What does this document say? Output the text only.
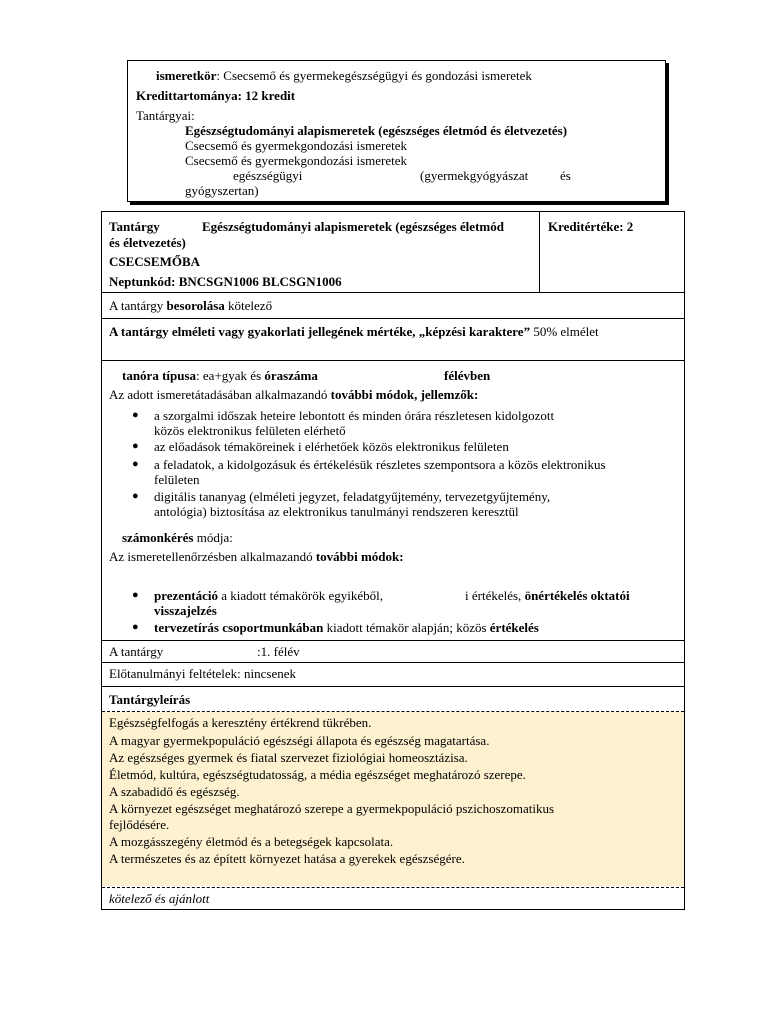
ismeretkör: Csecsemő és gyermekegészségügyi és gondozási ismeretek
Kredittartománya: 12 kredit
Tantárgyai:
Egészségtudományi alapismeretek (egészséges életmód és életvezetés)
Csecsemő és gyermekgondozási ismeretek
Csecsemő és gyermekgondozási ismeretek
egészségügyi	(gyermekgyógyászat és
gyógyszertan)
Tantárgy	Egészségtudományi alapismeretek (egészséges életmód
és életvezetés)
CSECSEMŐBA
Neptunkód: BNCSGN1006 BLCSGN1006
Kreditértéke: 2
A tantárgy besorolása kötelező
A tantárgy elméleti vagy gyakorlati jellegének mértéke, „képzési karaktere” 50% elmélet
tanóra típusa: ea+gyak és óraszáma	félévben
Az adott ismeretátadásában alkalmazandó további módok, jellemzők:
● a szorgalmi időszak heteire lebontott és minden órára részletesen kidolgozott
közös elektronikus felületen elérhető
● az előadások témaköreinek i elérhetőek közös elektronikus felületen
● a feladatok, a kidolgozásuk és értékelésük részletes szempontsora a közös elektronikus
felületen
● digitális tananyag (elméleti jegyzet, feladatgyűjtemény, tervezetgyűjtemény,
antológia) biztosítása az elektronikus tanulmányi rendszeren keresztül
számonkérés módja:
Az ismeretellenőrzésben alkalmazandó további módok:
● prezentáció a kiadott témakörök egyikéből,	i értékelés, önértékelés oktatói
visszajelzés
● tervezetírás csoportmunkában kiadott témakör alapján; közös értékelés
A tantárgy	:1. félév
Előtanulmányi feltételek: nincsenek
Tantárgyleírás
Egészségfelfogás a keresztény értékrend tükrében.
A magyar gyermekpopuláció egészségi állapota és egészség magatartása.
Az egészséges gyermek és fiatal szervezet fiziológiai homeosztázisa.
Életmód, kultúra, egészségtudatosság, a média egészséget meghatározó szerepe.
A szabadidő és egészség.
A környezet egészséget meghatározó szerepe a gyermekpopuláció pszichoszomatikus
fejlődésére.
A mozgásszegény életmód és a betegségek kapcsolata.
A természetes és az épített környezet hatása a gyerekek egészségére.
kötelező és ajánlott
